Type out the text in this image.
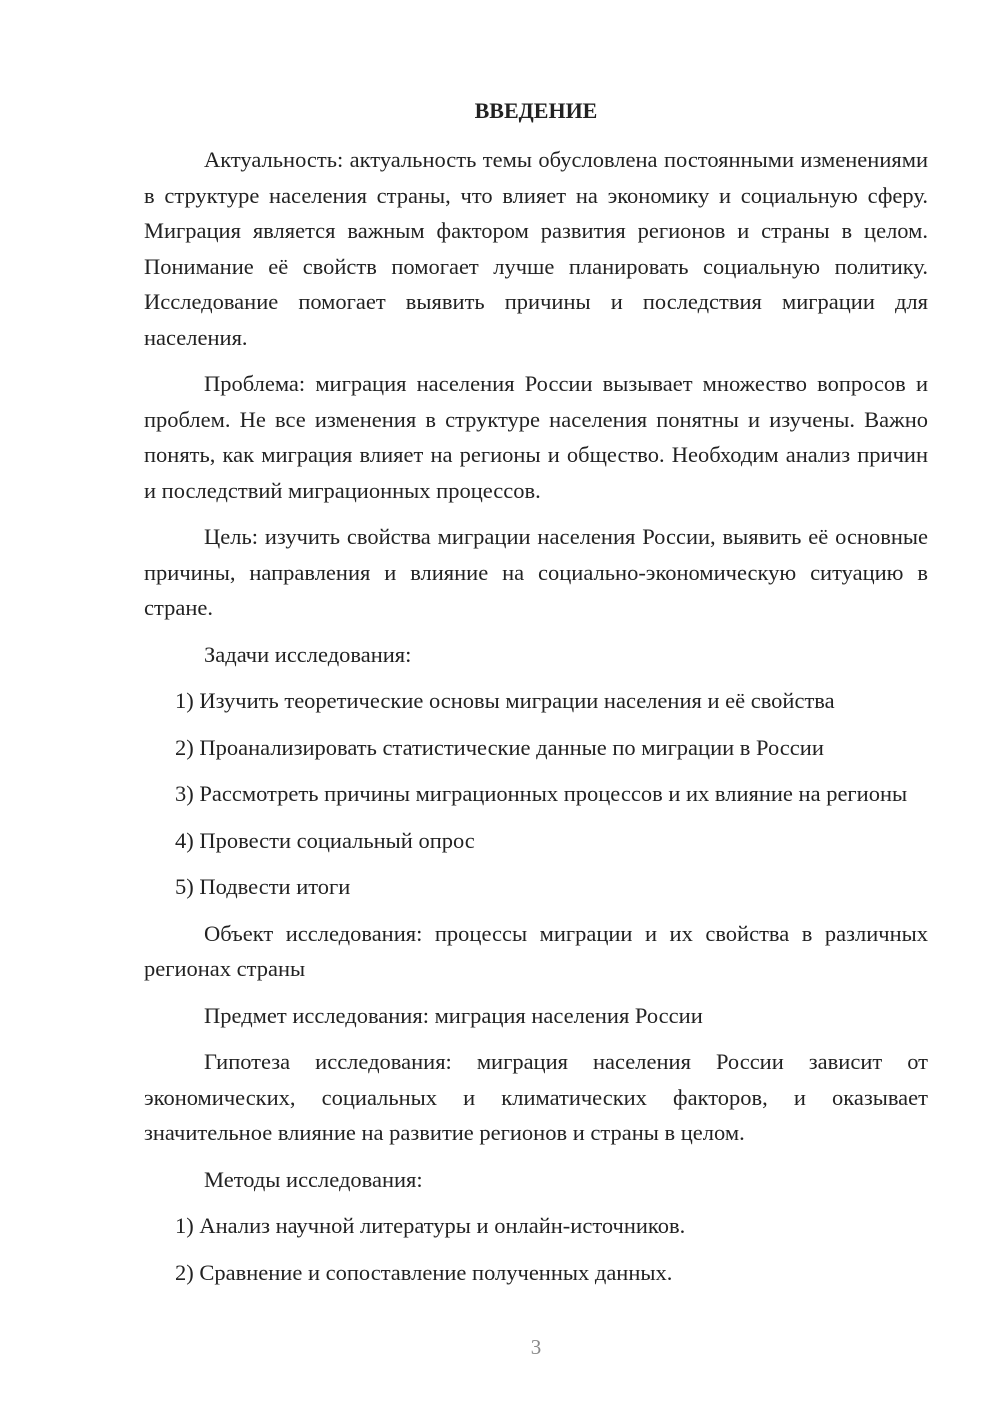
ВВЕДЕНИЕ

Актуальность: актуальность темы обусловлена постоянными изменениями в структуре населения страны, что влияет на экономику и социальную сферу. Миграция является важным фактором развития регионов и страны в целом. Понимание её свойств помогает лучше планировать социальную политику. Исследование помогает выявить причины и последствия миграции для населения.

Проблема: миграция населения России вызывает множество вопросов и проблем. Не все изменения в структуре населения понятны и изучены. Важно понять, как миграция влияет на регионы и общество. Необходим анализ причин и последствий миграционных процессов.

Цель: изучить свойства миграции населения России, выявить её основные причины, направления и влияние на социально-экономическую ситуацию в стране.

Задачи исследования:

1) Изучить теоретические основы миграции населения и её свойства

2) Проанализировать статистические данные по миграции в России

3) Рассмотреть причины миграционных процессов и их влияние на регионы

4) Провести социальный опрос

5) Подвести итоги

Объект исследования: процессы миграции и их свойства в различных регионах страны

Предмет исследования: миграция населения России

Гипотеза исследования: миграция населения России зависит от экономических, социальных и климатических факторов, и оказывает значительное влияние на развитие регионов и страны в целом.

Методы исследования:

1) Анализ научной литературы и онлайн-источников.

2) Сравнение и сопоставление полученных данных.

3
